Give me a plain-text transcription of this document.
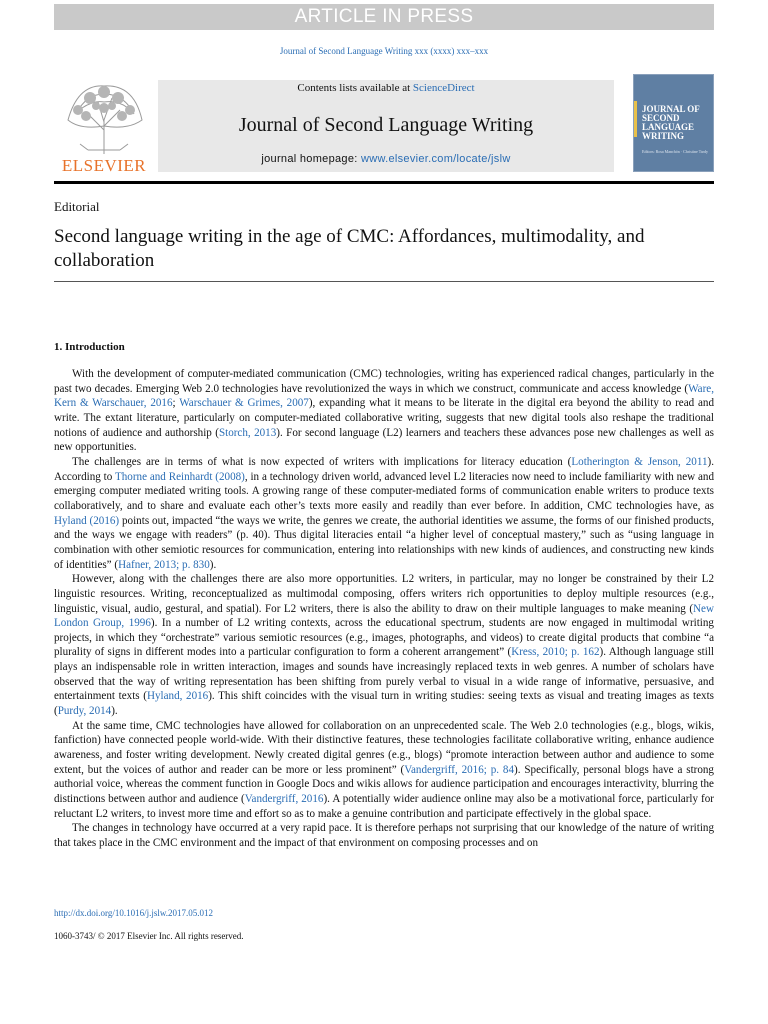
ARTICLE IN PRESS
Journal of Second Language Writing xxx (xxxx) xxx–xxx
ELSEVIER
Contents lists available at ScienceDirect
Journal of Second Language Writing
journal homepage: www.elsevier.com/locate/jslw
JOURNAL OF
SECOND
LANGUAGE
WRITING
Editors: Rosa Manchón · Christine Tardy
Editorial
Second language writing in the age of CMC: Affordances, multimodality, and collaboration
1. Introduction

With the development of computer-mediated communication (CMC) technologies, writing has experienced radical changes, particularly in the past two decades. Emerging Web 2.0 technologies have revolutionized the ways in which we construct, communicate and access knowledge (Ware, Kern & Warschauer, 2016; Warschauer & Grimes, 2007), expanding what it means to be literate in the digital era beyond the ability to read and write. The extant literature, particularly on computer-mediated collaborative writing, suggests that new digital tools also reshape the traditional notions of audience and authorship (Storch, 2013). For second language (L2) learners and teachers these advances pose new challenges as well as new opportunities.

The challenges are in terms of what is now expected of writers with implications for literacy education (Lotherington & Jenson, 2011). According to Thorne and Reinhardt (2008), in a technology driven world, advanced level L2 literacies now need to include familiarity with new and emerging computer mediated writing tools. A growing range of these computer-mediated forms of communication enable writers to produce texts collaboratively, and to share and evaluate each other’s texts more easily and readily than ever before. In addition, CMC technologies have, as Hyland (2016) points out, impacted “the ways we write, the genres we create, the authorial identities we assume, the forms of our finished products, and the ways we engage with readers” (p. 40). Thus digital literacies entail “a higher level of conceptual mastery,” such as “using language in combination with other semiotic resources for communication, entering into relationships with new kinds of audiences, and constructing new kinds of identities” (Hafner, 2013; p. 830).

However, along with the challenges there are also more opportunities. L2 writers, in particular, may no longer be constrained by their L2 linguistic resources. Writing, reconceptualized as multimodal composing, offers writers rich opportunities to deploy multiple resources (e.g., linguistic, visual, audio, gestural, and spatial). For L2 writers, there is also the ability to draw on their multiple languages to make meaning (New London Group, 1996). In a number of L2 writing contexts, across the educational spectrum, students are now engaged in multimodal writing projects, in which they “orchestrate” various semiotic resources (e.g., images, photographs, and videos) to create digital products that combine “a plurality of signs in different modes into a particular configuration to form a coherent arrangement” (Kress, 2010; p. 162). Although language still plays an indispensable role in written interaction, images and sounds have increasingly replaced texts in web genres. A number of scholars have observed that the way of writing representation has been shifting from purely verbal to visual in a wide range of informative, persuasive, and entertainment texts (Hyland, 2016). This shift coincides with the visual turn in writing studies: seeing texts as visual and treating images as texts (Purdy, 2014).

At the same time, CMC technologies have allowed for collaboration on an unprecedented scale. The Web 2.0 technologies (e.g., blogs, wikis, fanfiction) have connected people world-wide. With their distinctive features, these technologies facilitate collaborative writing, enhance audience awareness, and foster writing development. Newly created digital genres (e.g., blogs) “promote interaction between author and audience to some extent, but the voices of author and reader can be more or less prominent” (Vandergriff, 2016; p. 84). Specifically, personal blogs have a strong authorial voice, whereas the comment function in Google Docs and wikis allows for audience participation and encourages interactivity, blurring the distinctions between author and audience (Vandergriff, 2016). A potentially wider audience online may also be a motivational force, particularly for reluctant L2 writers, to invest more time and effort so as to make a genuine contribution and participate effectively in the global space.

The changes in technology have occurred at a very rapid pace. It is therefore perhaps not surprising that our knowledge of the nature of writing that takes place in the CMC environment and the impact of that environment on composing processes and on

http://dx.doi.org/10.1016/j.jslw.2017.05.012
1060-3743/ © 2017 Elsevier Inc. All rights reserved.
